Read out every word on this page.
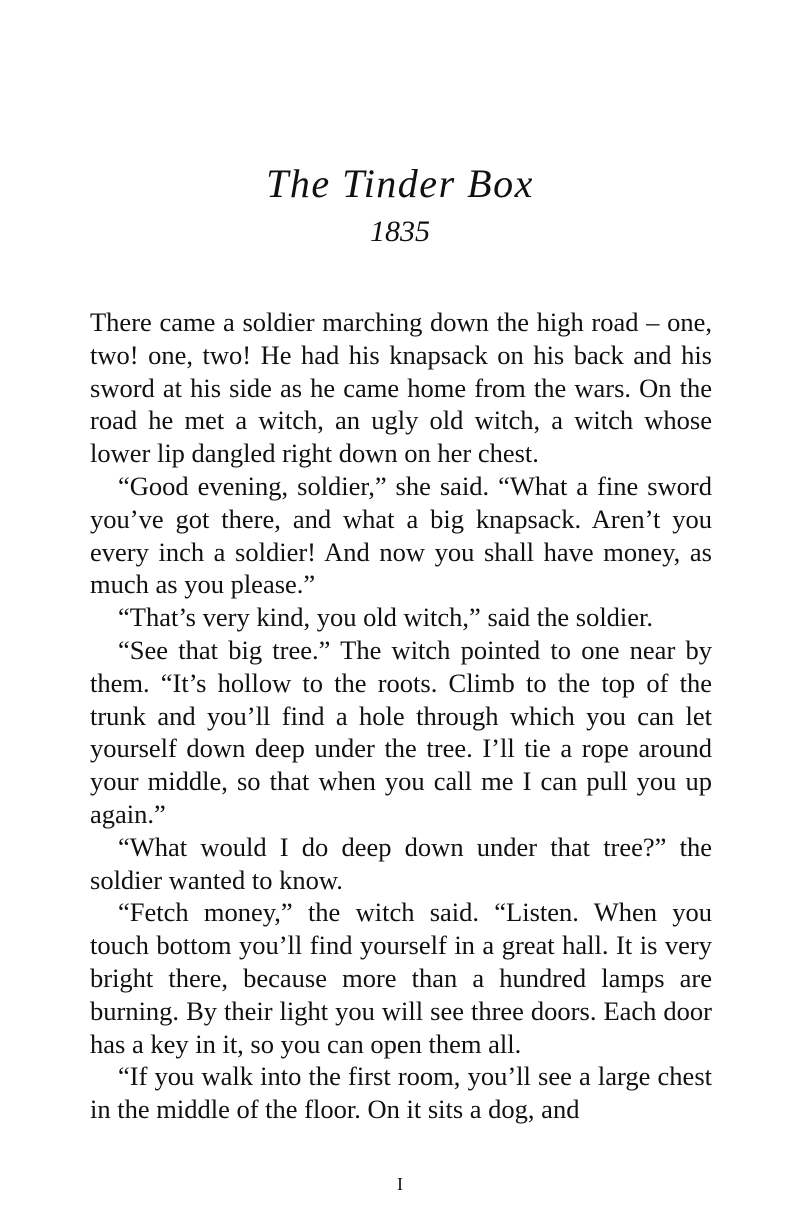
The Tinder Box
1835

There came a soldier marching down the high road – one, two! one, two! He had his knapsack on his back and his sword at his side as he came home from the wars. On the road he met a witch, an ugly old witch, a witch whose lower lip dangled right down on her chest.

“Good evening, soldier,” she said. “What a fine sword you’ve got there, and what a big knapsack. Aren’t you every inch a soldier! And now you shall have money, as much as you please.”

“That’s very kind, you old witch,” said the soldier.

“See that big tree.” The witch pointed to one near by them. “It’s hollow to the roots. Climb to the top of the trunk and you’ll find a hole through which you can let yourself down deep under the tree. I’ll tie a rope around your middle, so that when you call me I can pull you up again.”

“What would I do deep down under that tree?” the soldier wanted to know.

“Fetch money,” the witch said. “Listen. When you touch bottom you’ll find yourself in a great hall. It is very bright there, because more than a hundred lamps are burning. By their light you will see three doors. Each door has a key in it, so you can open them all.

“If you walk into the first room, you’ll see a large chest in the middle of the floor. On it sits a dog, and

I
